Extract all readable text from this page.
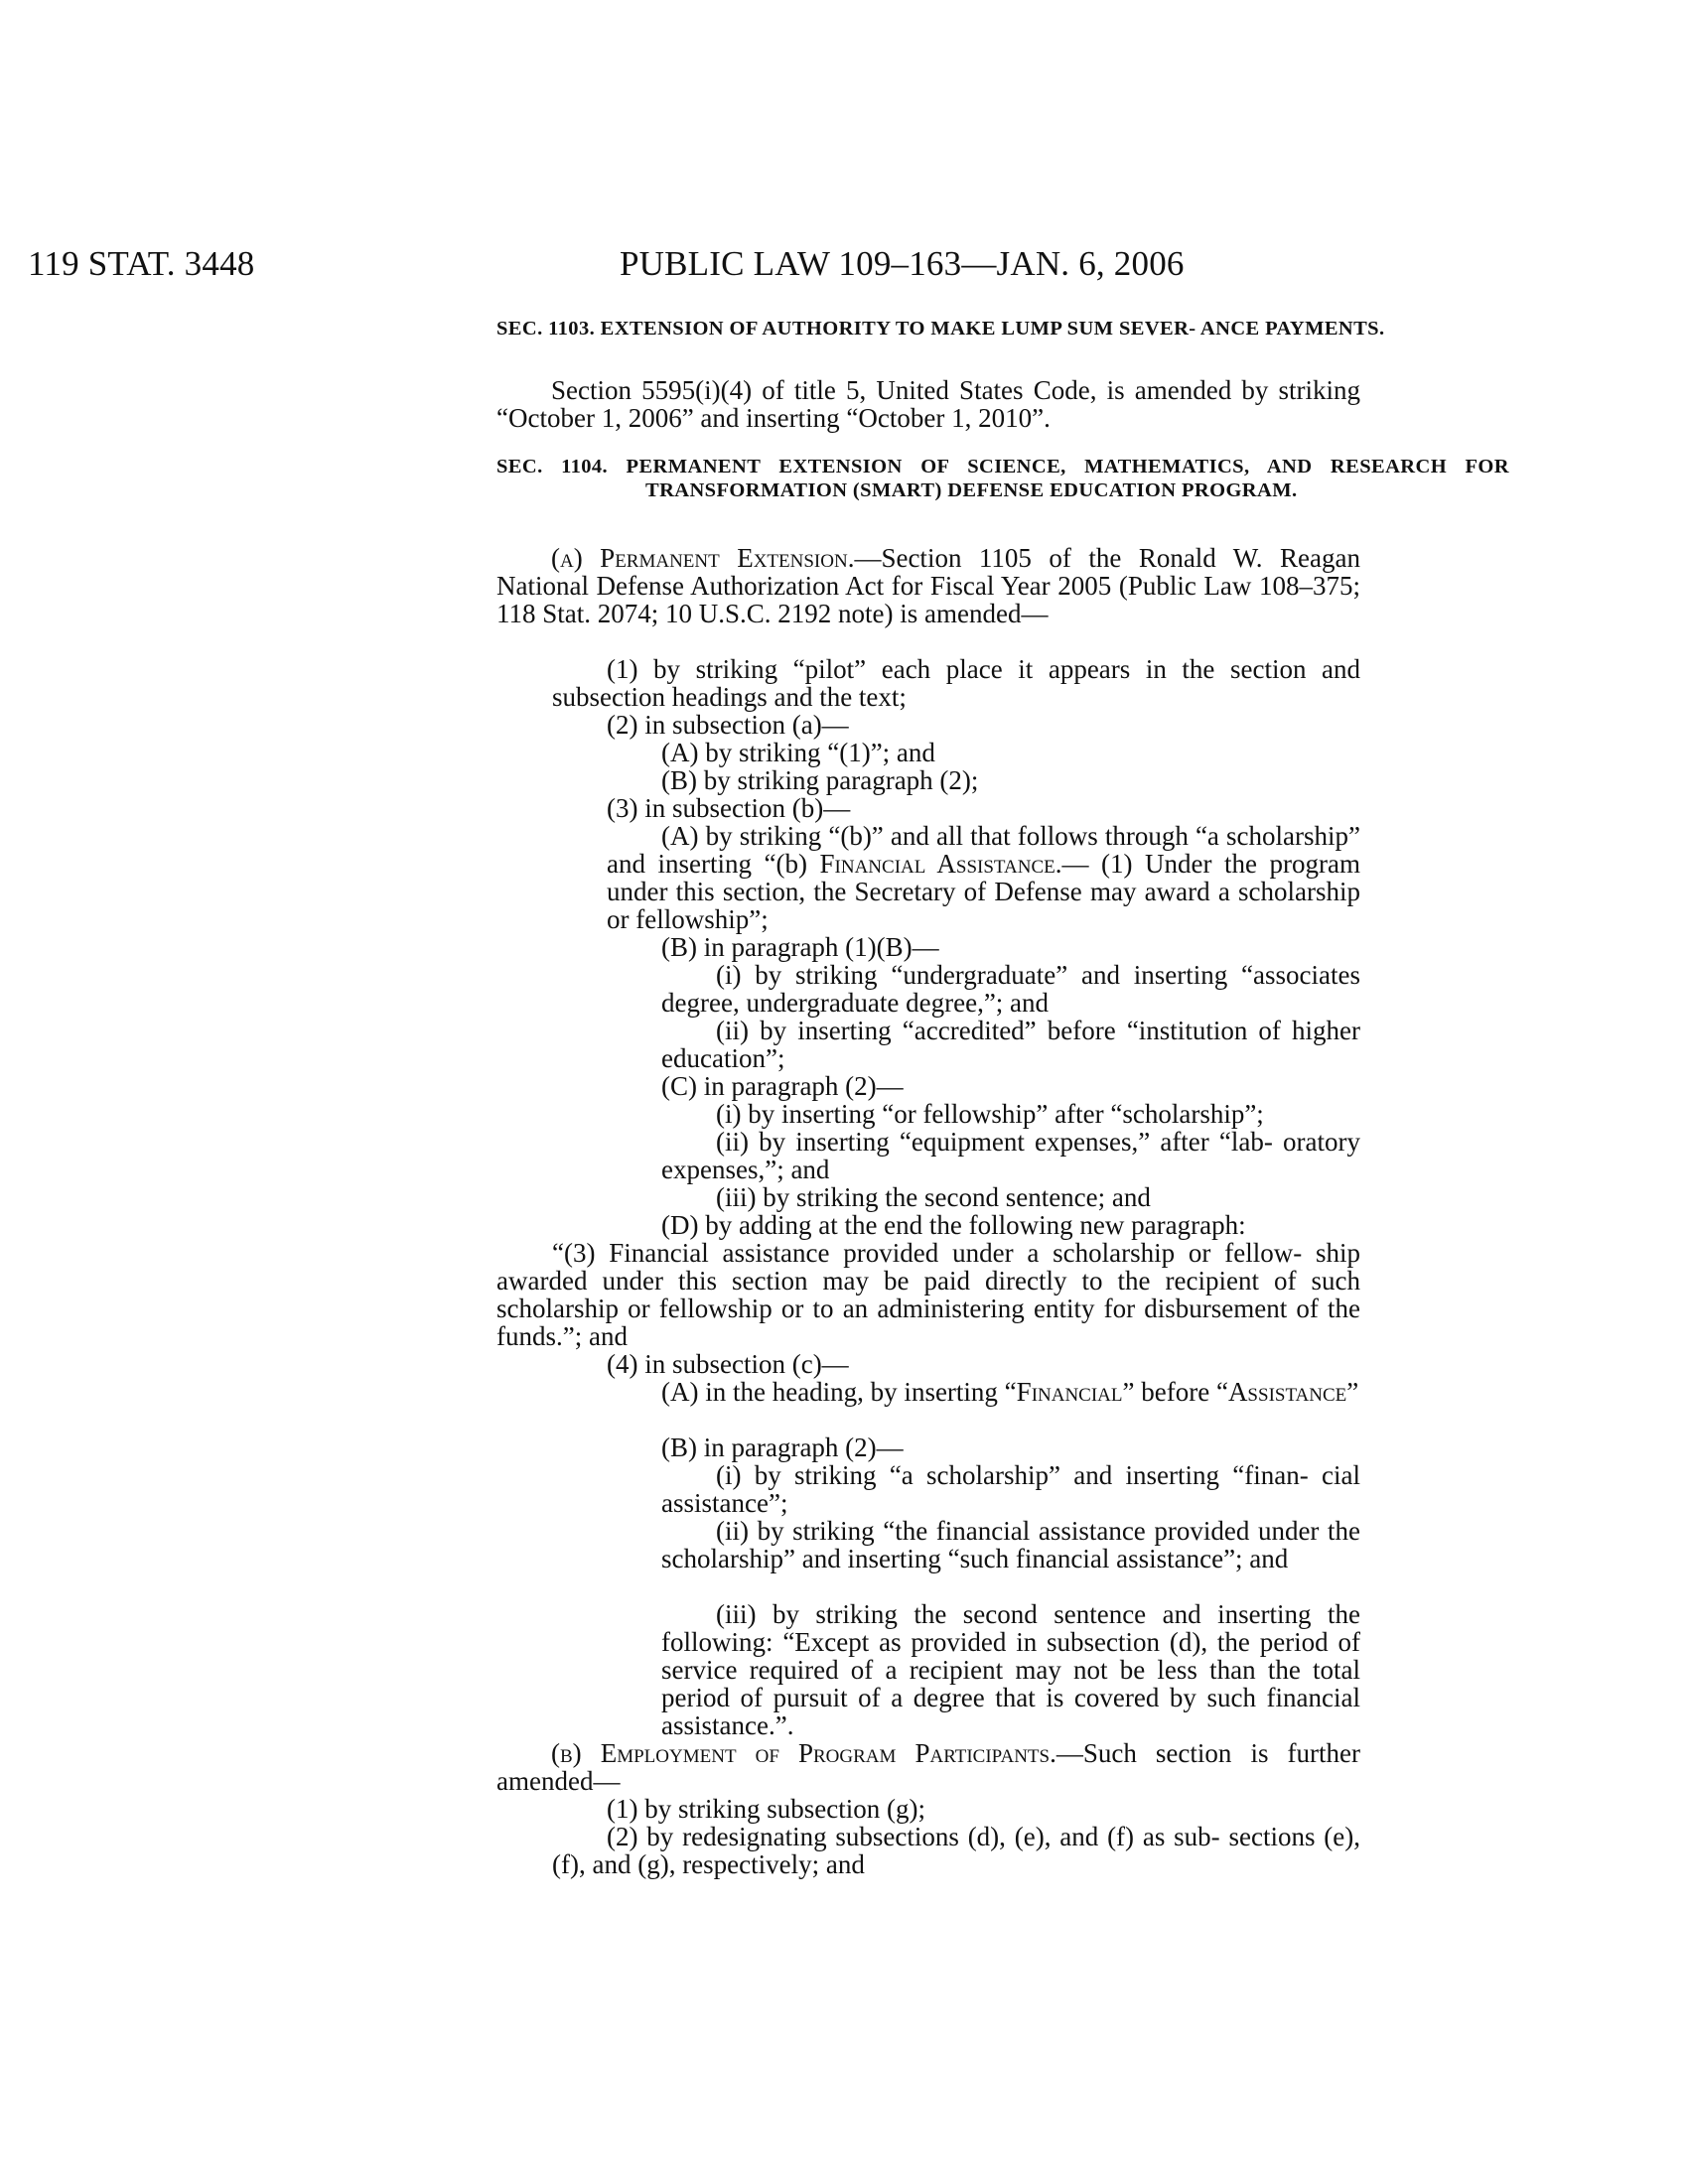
119 STAT. 3448	PUBLIC LAW 109–163—JAN. 6, 2006
SEC. 1103. EXTENSION OF AUTHORITY TO MAKE LUMP SUM SEVER- ANCE PAYMENTS.
Section 5595(i)(4) of title 5, United States Code, is amended by striking “October 1, 2006” and inserting “October 1, 2010”.
SEC. 1104. PERMANENT EXTENSION OF SCIENCE, MATHEMATICS, AND RESEARCH FOR TRANSFORMATION (SMART) DEFENSE EDUCATION PROGRAM.
(a) Permanent Extension.—Section 1105 of the Ronald W. Reagan National Defense Authorization Act for Fiscal Year 2005 (Public Law 108–375; 118 Stat. 2074; 10 U.S.C. 2192 note) is amended—
(1) by striking “pilot” each place it appears in the section and subsection headings and the text;
(2) in subsection (a)—
(A) by striking “(1)”; and
(B) by striking paragraph (2);
(3) in subsection (b)—
(A) by striking “(b)” and all that follows through “a scholarship” and inserting “(b) Financial Assistance.— (1) Under the program under this section, the Secretary of Defense may award a scholarship or fellowship”;
(B) in paragraph (1)(B)—
(i) by striking “undergraduate” and inserting “associates degree, undergraduate degree,”; and
(ii) by inserting “accredited” before “institution of higher education”;
(C) in paragraph (2)—
(i) by inserting “or fellowship” after “scholarship”;
(ii) by inserting “equipment expenses,” after “lab- oratory expenses,”; and
(iii) by striking the second sentence; and
(D) by adding at the end the following new paragraph:
“(3) Financial assistance provided under a scholarship or fellow- ship awarded under this section may be paid directly to the recipient of such scholarship or fellowship or to an administering entity for disbursement of the funds.”; and
(4) in subsection (c)—
(A) in the heading, by inserting “Financial” before “Assistance”
(B) in paragraph (2)—
(i) by striking “a scholarship” and inserting “finan- cial assistance”;
(ii) by striking “the financial assistance provided under the scholarship” and inserting “such financial assistance”; and
(iii) by striking the second sentence and inserting the following: “Except as provided in subsection (d), the period of service required of a recipient may not be less than the total period of pursuit of a degree that is covered by such financial assistance.”.
(b) Employment of Program Participants.—Such section is further amended—
(1) by striking subsection (g);
(2) by redesignating subsections (d), (e), and (f) as sub- sections (e), (f), and (g), respectively; and
